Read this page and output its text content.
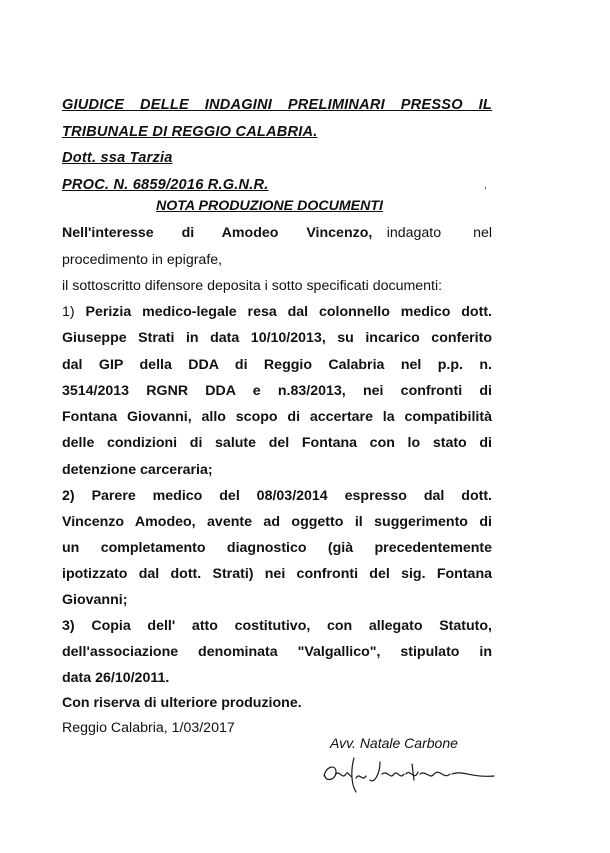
GIUDICE DELLE INDAGINI PRELIMINARI PRESSO IL
TRIBUNALE DI REGGIO CALABRIA.
Dott. ssa Tarzia
PROC. N. 6859/2016 R.G.N.R.	,
NOTA PRODUZIONE DOCUMENTI
Nell'interesse di Amodeo Vincenzo, indagato nel
procedimento in epigrafe,
il sottoscritto difensore deposita i sotto specificati documenti:
1) Perizia medico-legale resa dal colonnello medico dott.
Giuseppe Strati in data 10/10/2013, su incarico conferito
dal GIP della DDA di Reggio Calabria nel p.p. n.
3514/2013 RGNR DDA e n.83/2013, nei confronti di
Fontana Giovanni, allo scopo di accertare la compatibilità
delle condizioni di salute del Fontana con lo stato di
detenzione carceraria;
2) Parere medico del 08/03/2014 espresso dal dott.
Vincenzo Amodeo, avente ad oggetto il suggerimento di
un completamento diagnostico (già precedentemente
ipotizzato dal dott. Strati) nei confronti del sig. Fontana
Giovanni;
3) Copia dell' atto costitutivo, con allegato Statuto,
dell'associazione denominata "Valgallico", stipulato in
data 26/10/2011.
Con riserva di ulteriore produzione.
Reggio Calabria, 1/03/2017
Avv. Natale Carbone
